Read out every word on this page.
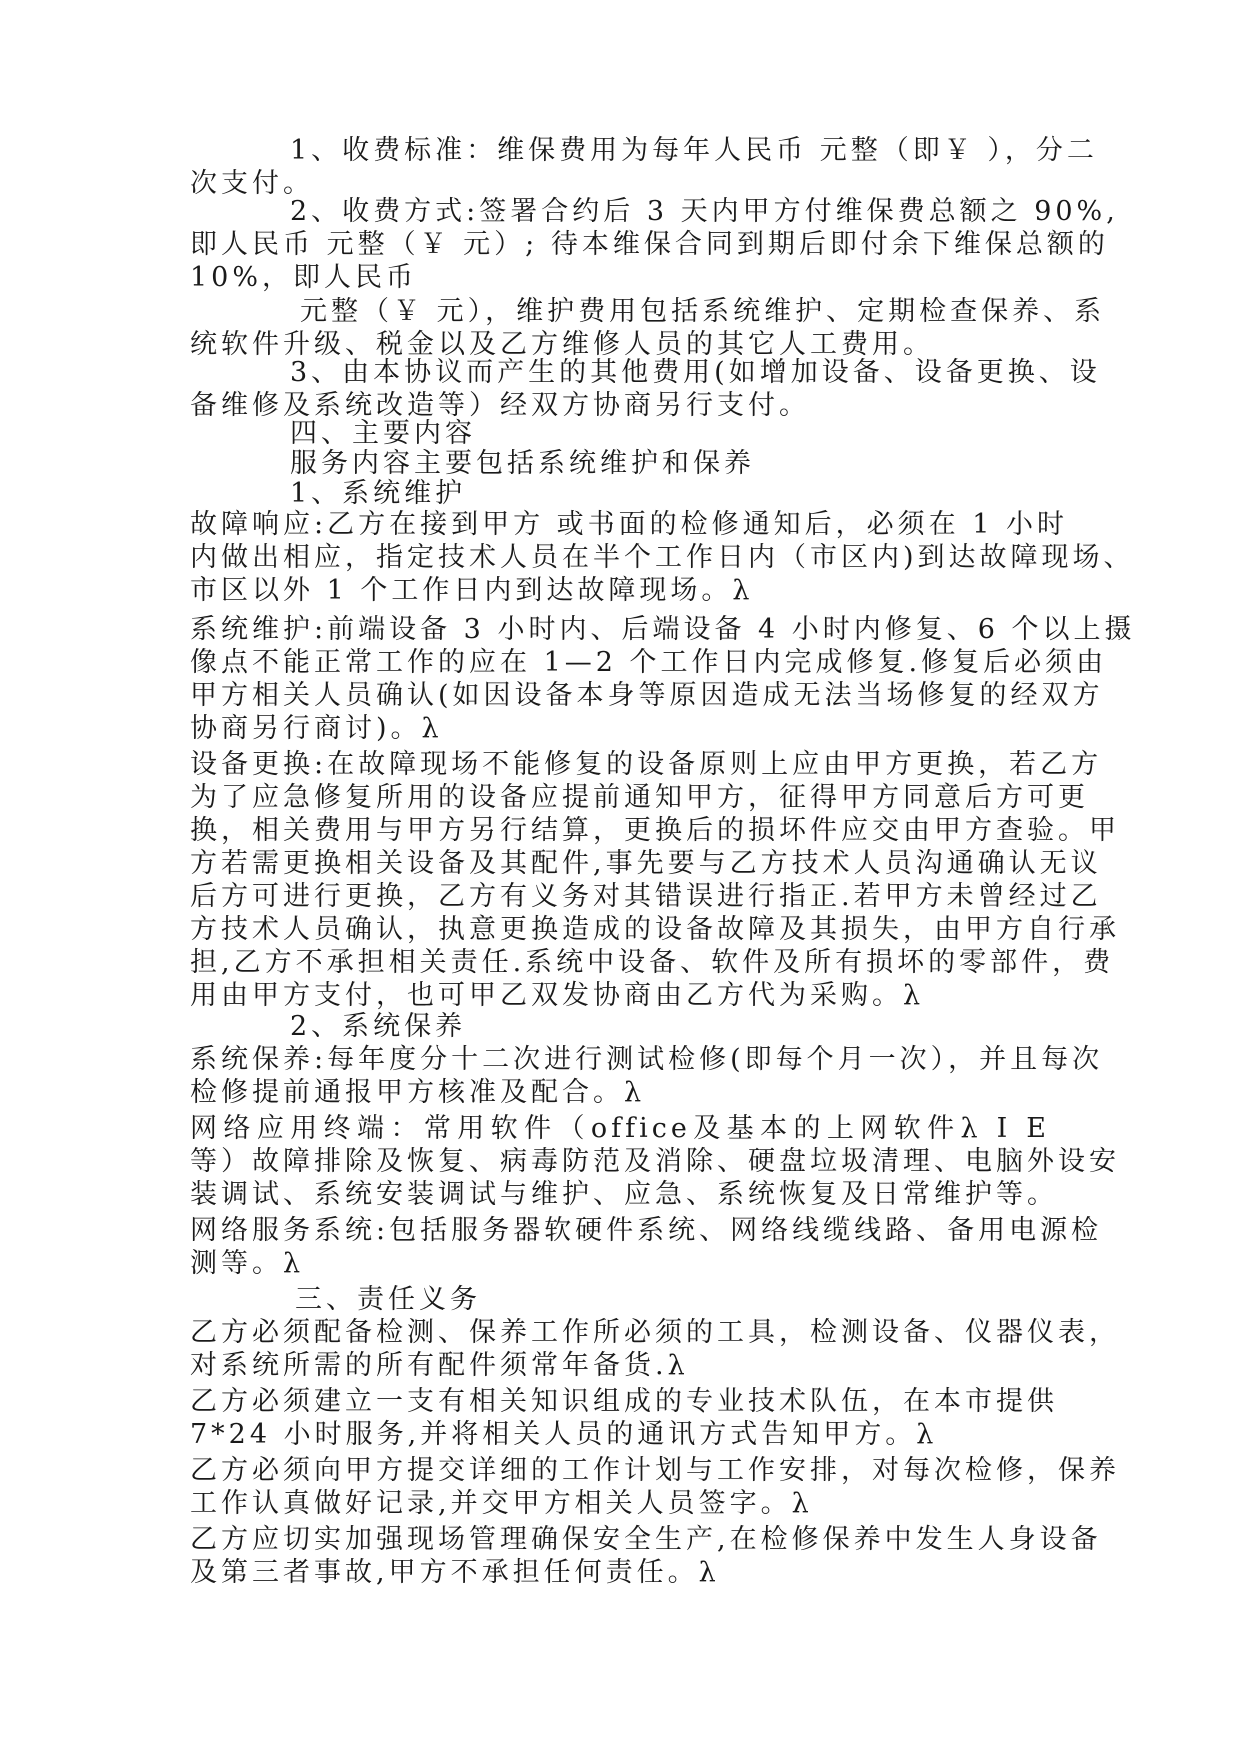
1、收费标准：维保费用为每年人民币 元整（即￥ ），分二
次支付。
2、收费方式:签署合约后 3 天内甲方付维保费总额之 90%,
即人民币 元整（￥ 元）; 待本维保合同到期后即付余下维保总额的
10%，即人民币
元整（￥ 元），维护费用包括系统维护、定期检查保养、系
统软件升级、税金以及乙方维修人员的其它人工费用。
3、由本协议而产生的其他费用(如增加设备、设备更换、设
备维修及系统改造等）经双方协商另行支付。
四、主要内容
服务内容主要包括系统维护和保养
1、系统维护
故障响应:乙方在接到甲方 或书面的检修通知后，必须在 1 小时
内做出相应，指定技术人员在半个工作日内（市区内)到达故障现场、
市区以外 1 个工作日内到达故障现场。λ
系统维护:前端设备 3 小时内、后端设备 4 小时内修复、6 个以上摄
像点不能正常工作的应在 1—2 个工作日内完成修复.修复后必须由
甲方相关人员确认(如因设备本身等原因造成无法当场修复的经双方
协商另行商讨)。λ
设备更换:在故障现场不能修复的设备原则上应由甲方更换，若乙方
为了应急修复所用的设备应提前通知甲方，征得甲方同意后方可更
换，相关费用与甲方另行结算，更换后的损坏件应交由甲方查验。甲
方若需更换相关设备及其配件,事先要与乙方技术人员沟通确认无议
后方可进行更换，乙方有义务对其错误进行指正.若甲方未曾经过乙
方技术人员确认，执意更换造成的设备故障及其损失，由甲方自行承
担,乙方不承担相关责任.系统中设备、软件及所有损坏的零部件，费
用由甲方支付，也可甲乙双发协商由乙方代为采购。λ
2、系统保养
系统保养:每年度分十二次进行测试检修(即每个月一次），并且每次
检修提前通报甲方核准及配合。λ
网络应用终端：常用软件（office及基本的上网软件λ I E
等）故障排除及恢复、病毒防范及消除、硬盘垃圾清理、电脑外设安
装调试、系统安装调试与维护、应急、系统恢复及日常维护等。
网络服务系统:包括服务器软硬件系统、网络线缆线路、备用电源检
测等。λ
三、责任义务
乙方必须配备检测、保养工作所必须的工具，检测设备、仪器仪表，
对系统所需的所有配件须常年备货.λ
乙方必须建立一支有相关知识组成的专业技术队伍，在本市提供
7*24 小时服务,并将相关人员的通讯方式告知甲方。λ
乙方必须向甲方提交详细的工作计划与工作安排，对每次检修，保养
工作认真做好记录,并交甲方相关人员签字。λ
乙方应切实加强现场管理确保安全生产,在检修保养中发生人身设备
及第三者事故,甲方不承担任何责任。λ
